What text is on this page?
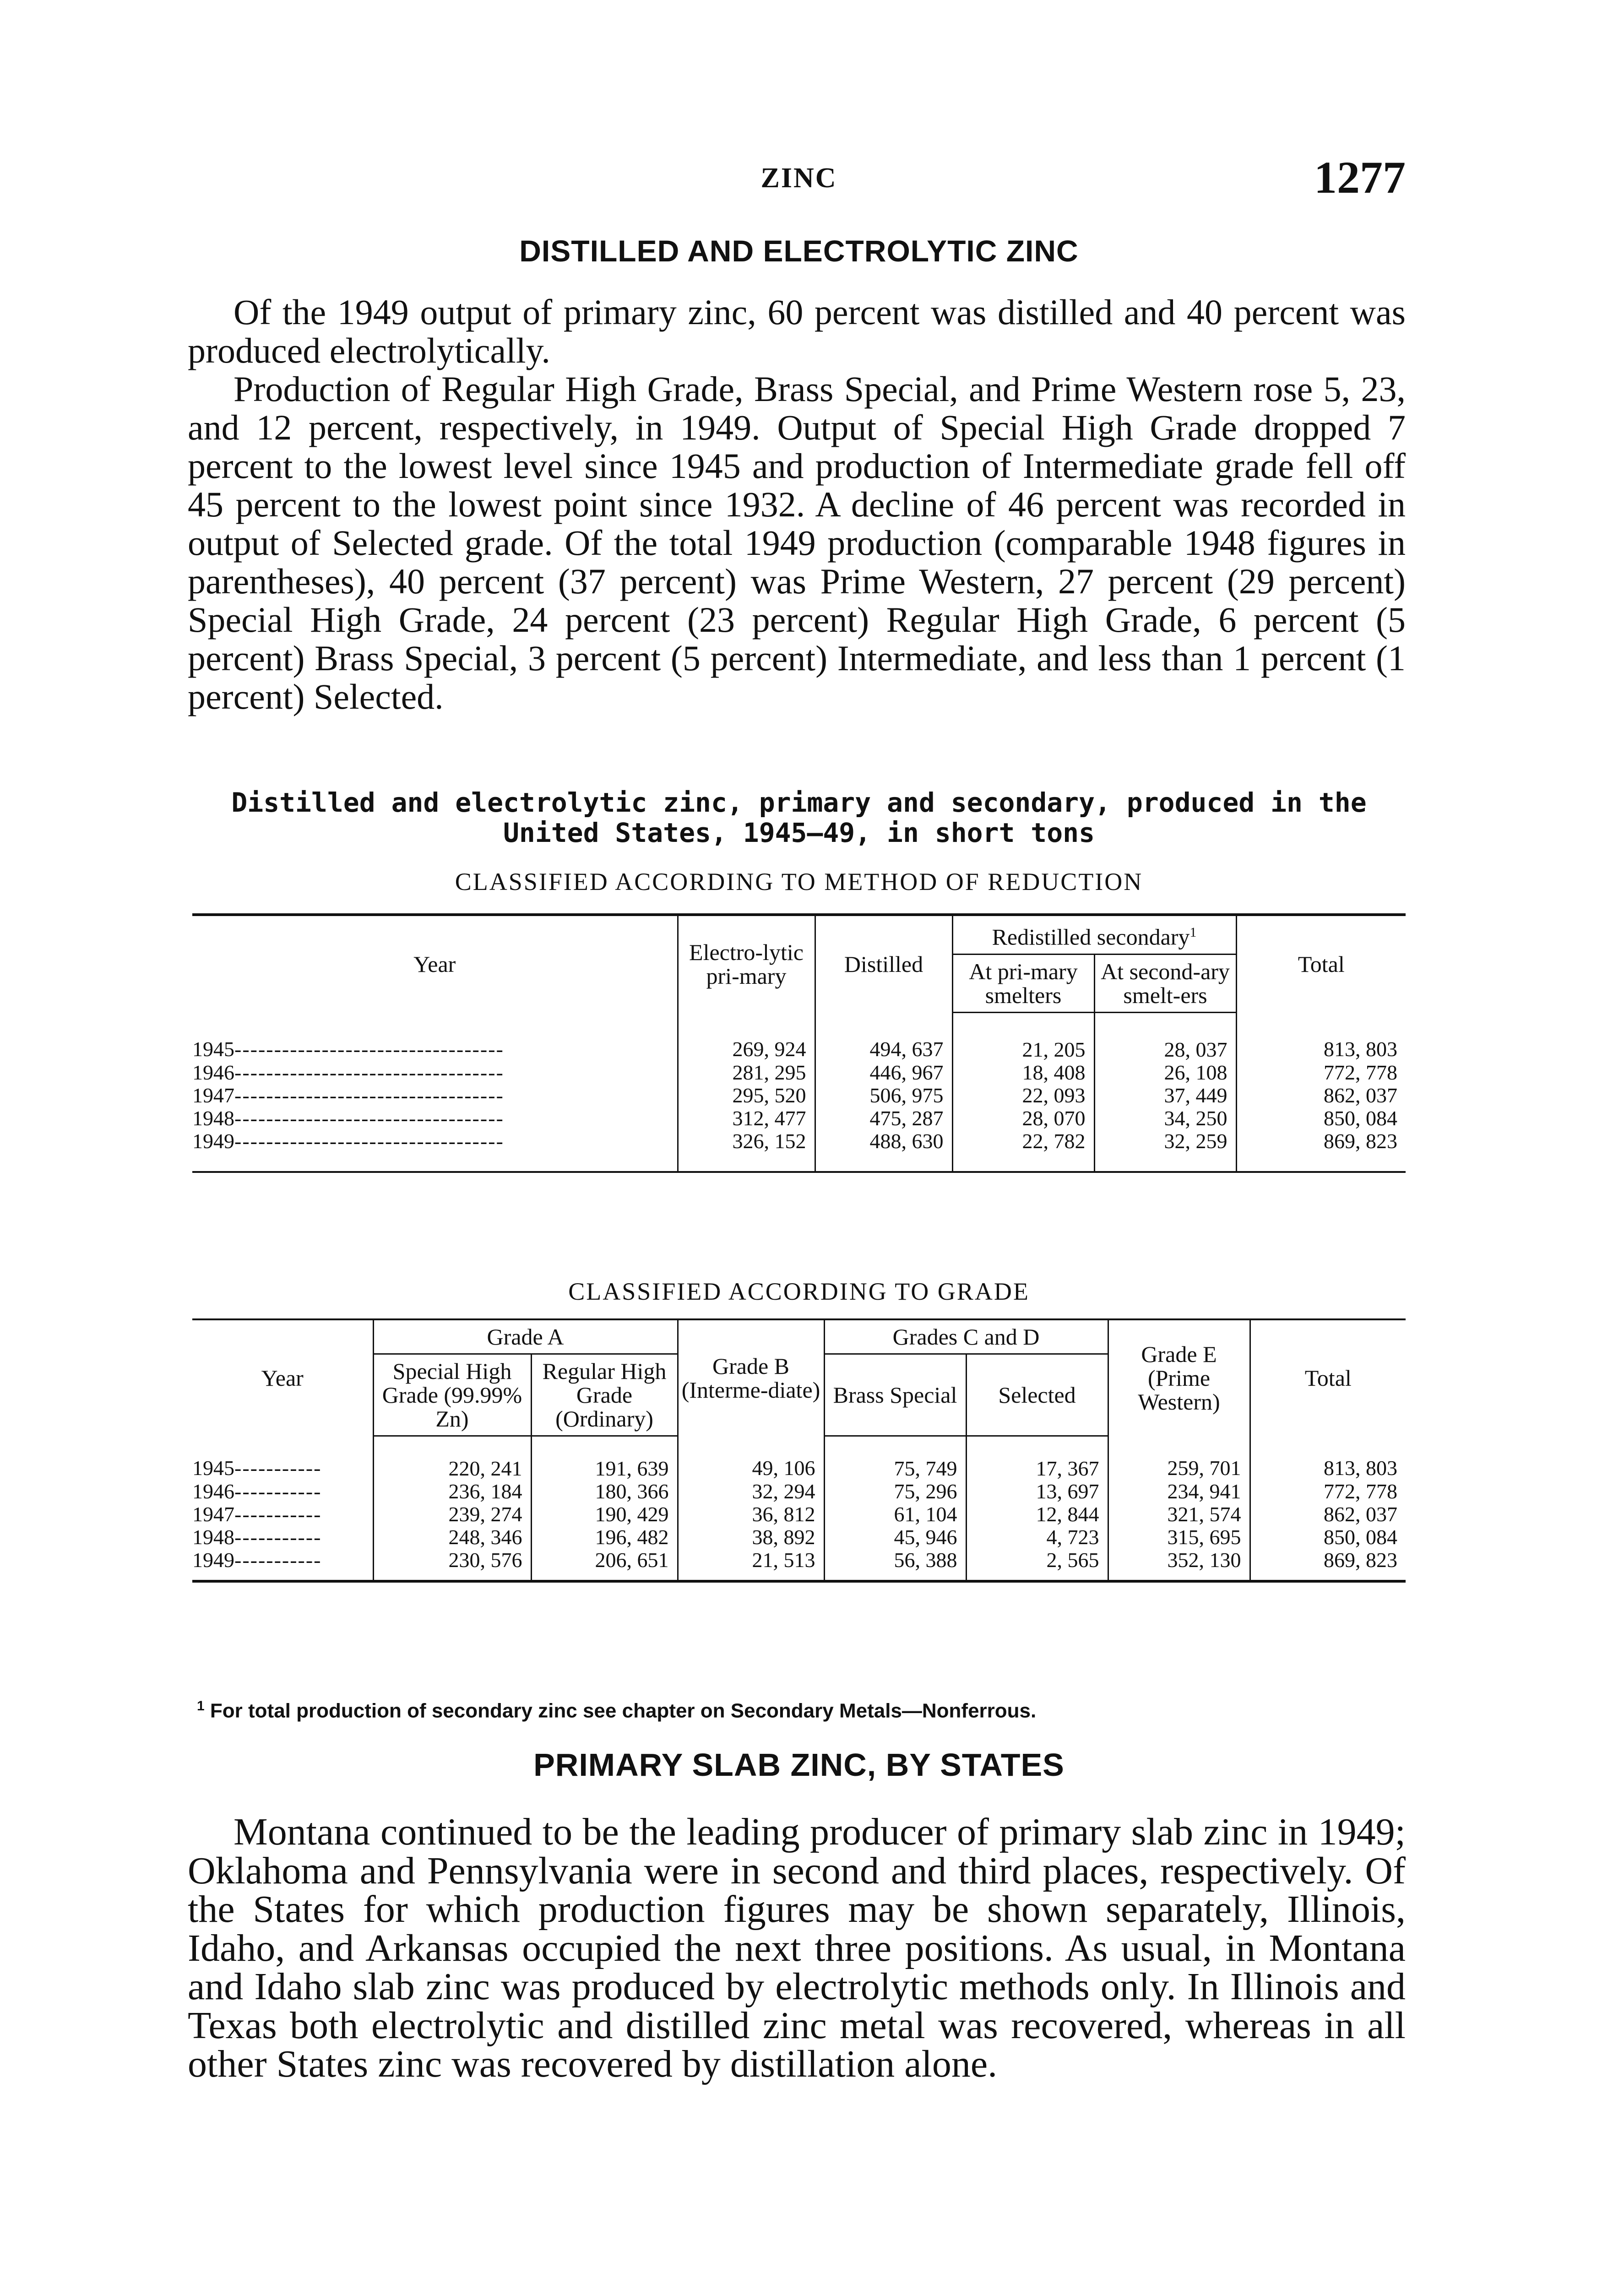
ZINC	1277
DISTILLED AND ELECTROLYTIC ZINC

Of the 1949 output of primary zinc, 60 percent was distilled and 40 percent was produced electrolytically.

Production of Regular High Grade, Brass Special, and Prime Western rose 5, 23, and 12 percent, respectively, in 1949. Output of Special High Grade dropped 7 percent to the lowest level since 1945 and production of Intermediate grade fell off 45 percent to the lowest point since 1932. A decline of 46 percent was recorded in output of Selected grade. Of the total 1949 production (comparable 1948 figures in parentheses), 40 percent (37 percent) was Prime Western, 27 percent (29 percent) Special High Grade, 24 percent (23 percent) Regular High Grade, 6 percent (5 percent) Brass Special, 3 percent (5 percent) Intermediate, and less than 1 percent (1 percent) Selected.

Distilled and electrolytic zinc, primary and secondary, produced in the United States, 1945–49, in short tons
CLASSIFIED ACCORDING TO METHOD OF REDUCTION
Year	Electro-lytic pri-mary	Distilled	Redistilled secondary$^1$		Total
			At pri-mary smelters	At second-ary smelt-ers	
1945----------------------------------	269, 924	494, 637	21, 205	28, 037	813, 803
1946----------------------------------	281, 295	446, 967	18, 408	26, 108	772, 778
1947----------------------------------	295, 520	506, 975	22, 093	37, 449	862, 037
1948----------------------------------	312, 477	475, 287	28, 070	34, 250	850, 084
1949----------------------------------	326, 152	488, 630	22, 782	32, 259	869, 823
CLASSIFIED ACCORDING TO GRADE
Year	Grade A		Grade B (Interme-diate)	Grades C and D		Grade E (Prime Western)	Total
	Special High Grade (99.99% Zn)	Regular High Grade (Ordinary)		Brass Special	Selected		
1945-----------	220, 241	191, 639	49, 106	75, 749	17, 367	259, 701	813, 803
1946-----------	236, 184	180, 366	32, 294	75, 296	13, 697	234, 941	772, 778
1947-----------	239, 274	190, 429	36, 812	61, 104	12, 844	321, 574	862, 037
1948-----------	248, 346	196, 482	38, 892	45, 946	4, 723	315, 695	850, 084
1949-----------	230, 576	206, 651	21, 513	56, 388	2, 565	352, 130	869, 823
$^1$ For total production of secondary zinc see chapter on Secondary Metals—Nonferrous.
PRIMARY SLAB ZINC, BY STATES

Montana continued to be the leading producer of primary slab zinc in 1949; Oklahoma and Pennsylvania were in second and third places, respectively. Of the States for which production figures may be shown separately, Illinois, Idaho, and Arkansas occupied the next three positions. As usual, in Montana and Idaho slab zinc was produced by electrolytic methods only. In Illinois and Texas both electrolytic and distilled zinc metal was recovered, whereas in all other States zinc was recovered by distillation alone.
